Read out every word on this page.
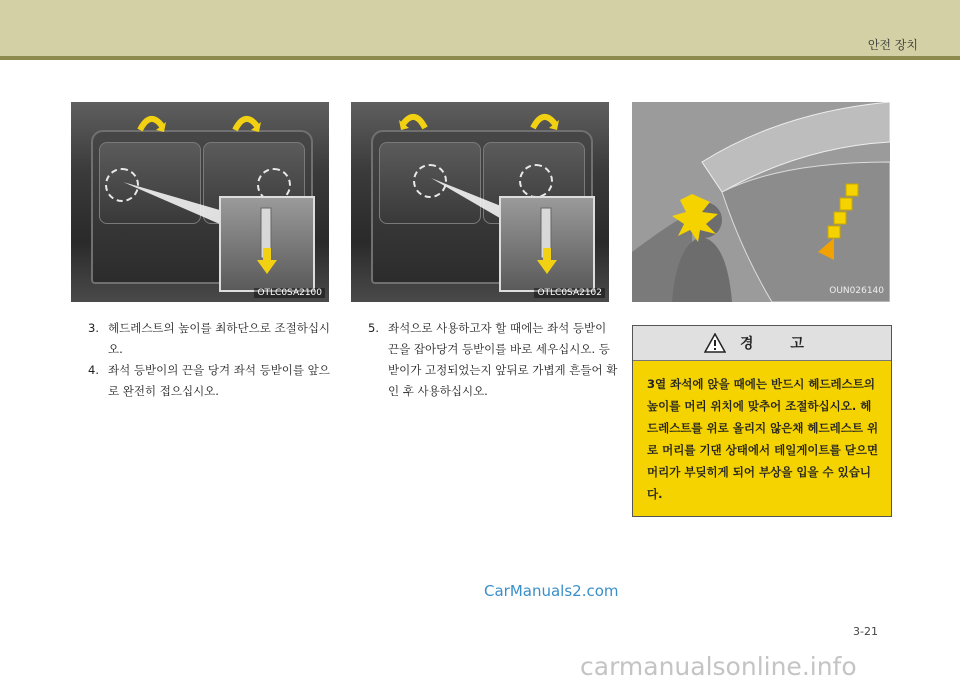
안전 장치
OTLC0SA2100	OTLC0SA2102	OUN026140
3. 헤드레스트의 높이를 최하단으로 조절하십시오.
4. 좌석 등받이의 끈을 당겨 좌석 등받이를 앞으로 완전히 접으십시오.
5. 좌석으로 사용하고자 할 때에는 좌석 등받이 끈을 잡아당겨 등받이를 바로 세우십시오. 등받이가 고정되었는지 앞뒤로 가볍게 흔들어 확인 후 사용하십시오.
경 고
3열 좌석에 앉을 때에는 반드시 헤드레스트의 높이를 머리 위치에 맞추어 조절하십시오. 헤드레스트를 위로 올리지 않은채 헤드레스트 위로 머리를 기댄 상태에서 테일게이트를 닫으면 머리가 부딪히게 되어 부상을 입을 수 있습니다.
CarManuals2.com
3-21
carmanualsonline.info
